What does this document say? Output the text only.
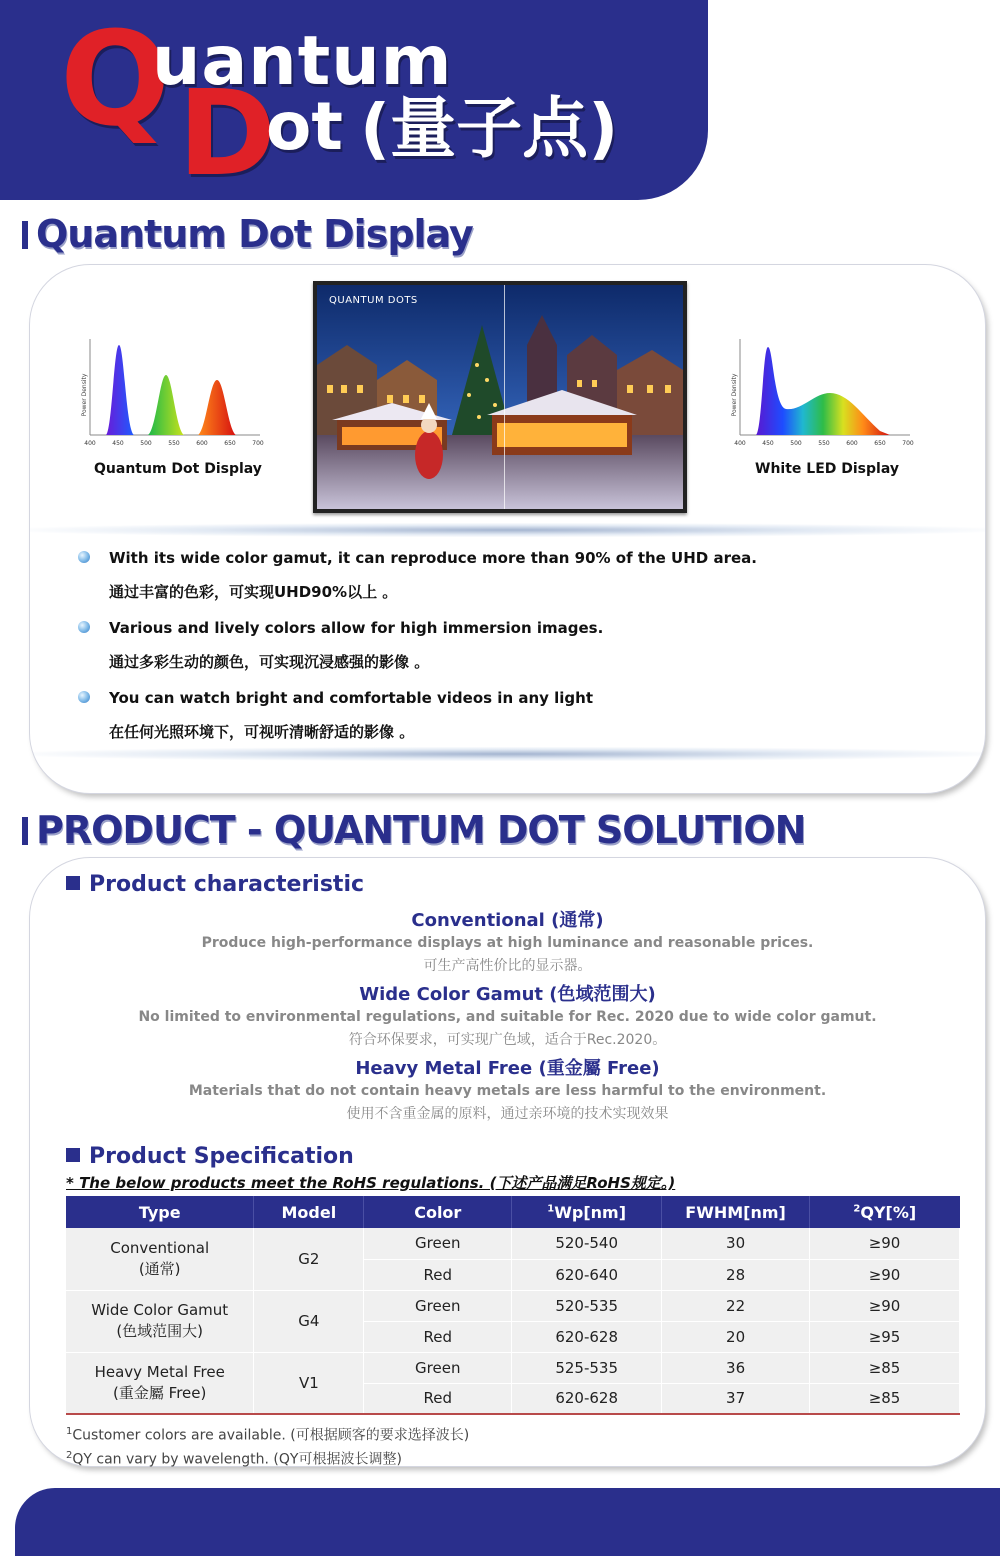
Q
uantum
D
ot (量子点)
Quantum Dot Display
Power Density
400	450	500	550	600	650	700
Quantum Dot Display
QUANTUM DOTS
Power Density
400	450	500	550	600	650	700
White LED Display
With its wide color gamut, it can reproduce more than 90% of the UHD area.
通过丰富的色彩，可实现UHD90%以上 。
Various and lively colors allow for high immersion images.
通过多彩生动的颜色，可实现沉浸感强的影像 。
You can watch bright and comfortable videos in any light
在任何光照环境下，可视听清晰舒适的影像 。
PRODUCT - QUANTUM DOT SOLUTION
Product characteristic
Conventional (通常)
Produce high-performance displays at high luminance and reasonable prices.
可生产高性价比的显示器。
Wide Color Gamut (色域范围大)
No limited to environmental regulations, and suitable for Rec. 2020 due to wide color gamut.
符合环保要求，可实现广色域，适合于Rec.2020。
Heavy Metal Free (重金屬 Free)
Materials that do not contain heavy metals are less harmful to the environment.
使用不含重金属的原料，通过亲环境的技术实现效果
Product Specification
* The below products meet the RoHS regulations. (下述产品满足RoHS规定。)
Type	Model	Color	$^1$Wp[nm]	FWHM[nm]	$^2$QY[%]

Conventional
(通常)	G2	Green	520-540	30	≥90
		Red	620-640	28	≥90

Wide Color Gamut
(色域范围大)	G4	Green	520-535	22	≥90
		Red	620-628	20	≥95

Heavy Metal Free
(重金屬 Free)	V1	Green	525-535	36	≥85
		Red	620-628	37	≥85
$^1$Customer colors are available. (可根据顾客的要求选择波长)
$^2$QY can vary by wavelength. (QY可根据波长调整)
